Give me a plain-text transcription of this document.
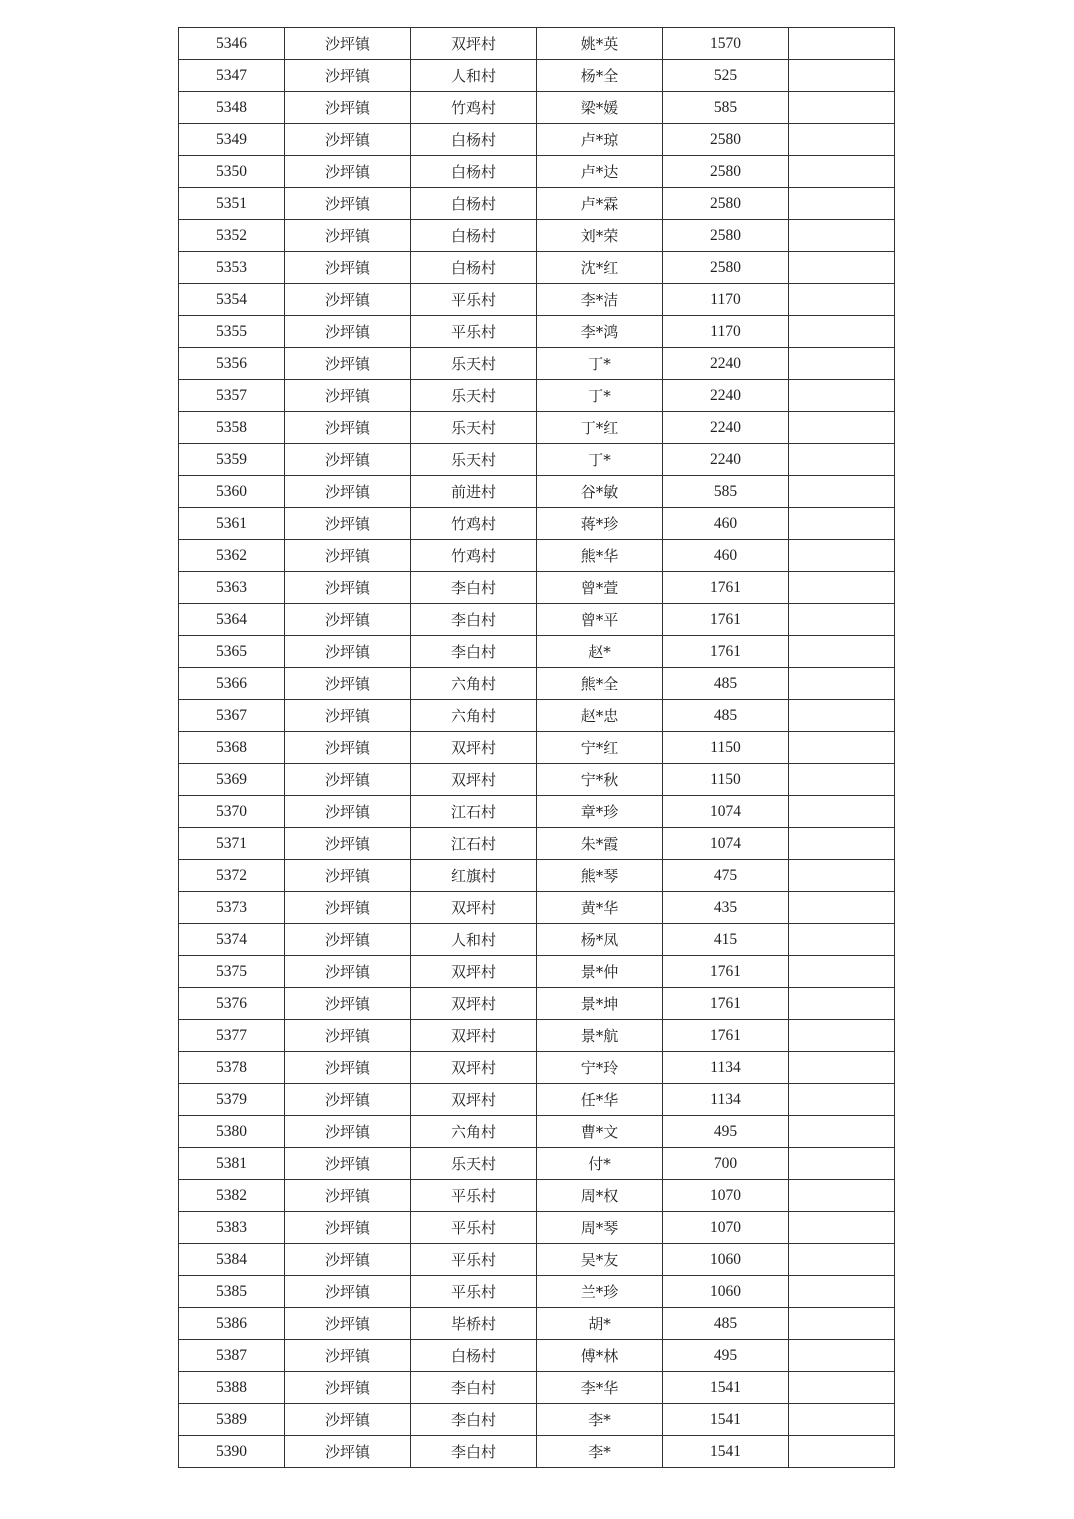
5346	沙坪镇	双坪村	姚*英	1570	
5347	沙坪镇	人和村	杨*全	525	
5348	沙坪镇	竹鸡村	梁*媛	585	
5349	沙坪镇	白杨村	卢*琼	2580	
5350	沙坪镇	白杨村	卢*达	2580	
5351	沙坪镇	白杨村	卢*霖	2580	
5352	沙坪镇	白杨村	刘*荣	2580	
5353	沙坪镇	白杨村	沈*红	2580	
5354	沙坪镇	平乐村	李*洁	1170	
5355	沙坪镇	平乐村	李*鸿	1170	
5356	沙坪镇	乐天村	丁*	2240	
5357	沙坪镇	乐天村	丁*	2240	
5358	沙坪镇	乐天村	丁*红	2240	
5359	沙坪镇	乐天村	丁*	2240	
5360	沙坪镇	前进村	谷*敏	585	
5361	沙坪镇	竹鸡村	蒋*珍	460	
5362	沙坪镇	竹鸡村	熊*华	460	
5363	沙坪镇	李白村	曾*萱	1761	
5364	沙坪镇	李白村	曾*平	1761	
5365	沙坪镇	李白村	赵*	1761	
5366	沙坪镇	六角村	熊*全	485	
5367	沙坪镇	六角村	赵*忠	485	
5368	沙坪镇	双坪村	宁*红	1150	
5369	沙坪镇	双坪村	宁*秋	1150	
5370	沙坪镇	江石村	章*珍	1074	
5371	沙坪镇	江石村	朱*霞	1074	
5372	沙坪镇	红旗村	熊*琴	475	
5373	沙坪镇	双坪村	黄*华	435	
5374	沙坪镇	人和村	杨*凤	415	
5375	沙坪镇	双坪村	景*仲	1761	
5376	沙坪镇	双坪村	景*坤	1761	
5377	沙坪镇	双坪村	景*航	1761	
5378	沙坪镇	双坪村	宁*玲	1134	
5379	沙坪镇	双坪村	任*华	1134	
5380	沙坪镇	六角村	曹*文	495	
5381	沙坪镇	乐天村	付*	700	
5382	沙坪镇	平乐村	周*权	1070	
5383	沙坪镇	平乐村	周*琴	1070	
5384	沙坪镇	平乐村	吴*友	1060	
5385	沙坪镇	平乐村	兰*珍	1060	
5386	沙坪镇	毕桥村	胡*	485	
5387	沙坪镇	白杨村	傅*林	495	
5388	沙坪镇	李白村	李*华	1541	
5389	沙坪镇	李白村	李*	1541	
5390	沙坪镇	李白村	李*	1541	
